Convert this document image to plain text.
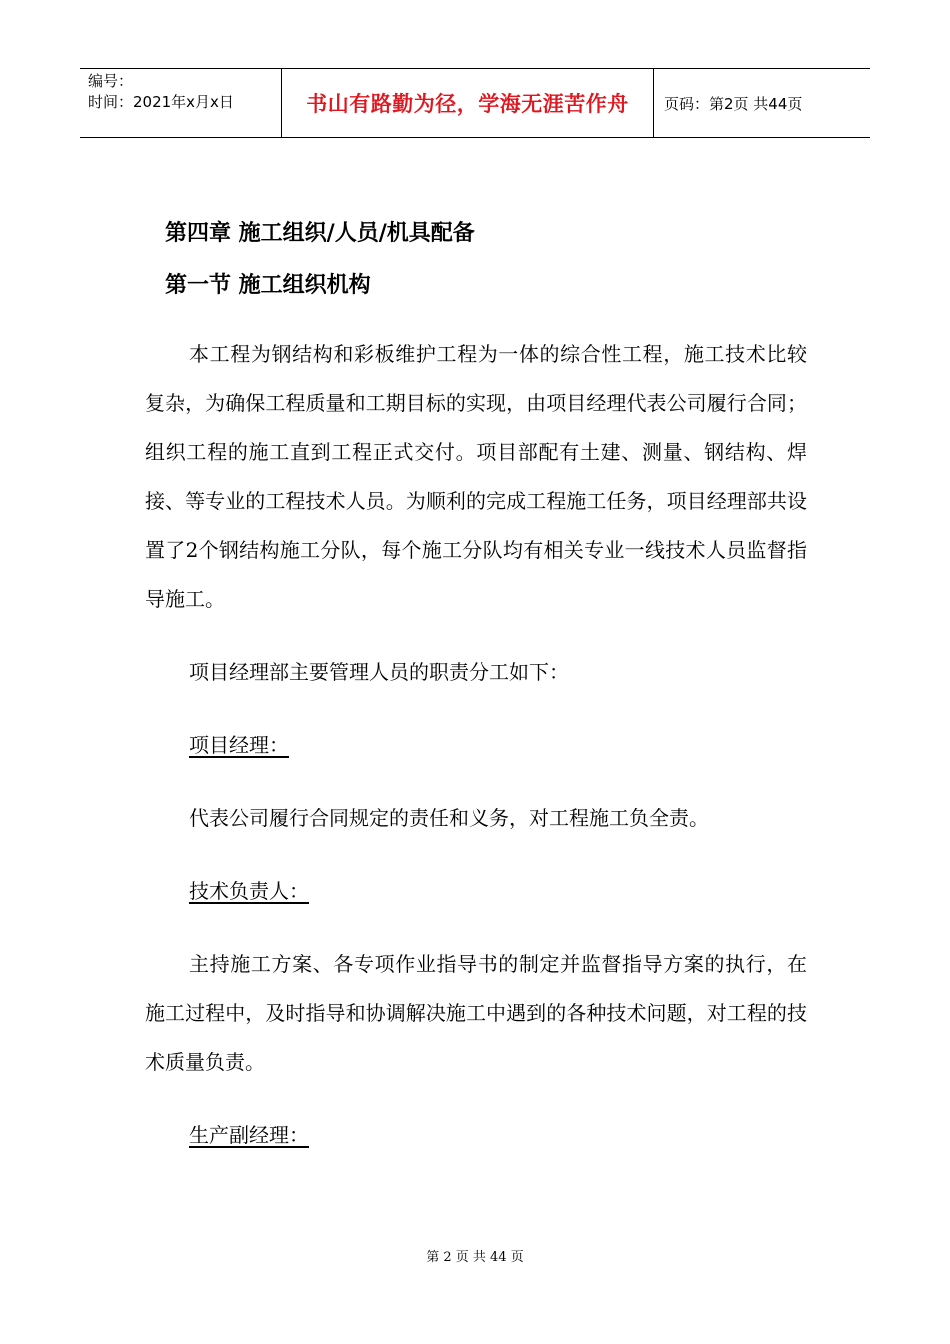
编号：
时间：2021年x月x日	书山有路勤为径，学海无涯苦作舟 页码：第2页 共44页
第四章 施工组织/人员/机具配备
第一节 施工组织机构

本工程为钢结构和彩板维护工程为一体的综合性工程，施工技术比较复杂，为确保工程质量和工期目标的实现，由项目经理代表公司履行合同；组织工程的施工直到工程正式交付。项目部配有土建、测量、钢结构、焊接、等专业的工程技术人员。为顺利的完成工程施工任务，项目经理部共设置了2个钢结构施工分队，每个施工分队均有相关专业一线技术人员监督指导施工。

项目经理部主要管理人员的职责分工如下：

项目经理：

代表公司履行合同规定的责任和义务，对工程施工负全责。

技术负责人：

主持施工方案、各专项作业指导书的制定并监督指导方案的执行，在施工过程中，及时指导和协调解决施工中遇到的各种技术问题，对工程的技术质量负责。

生产副经理：
第 2 页 共 44 页
